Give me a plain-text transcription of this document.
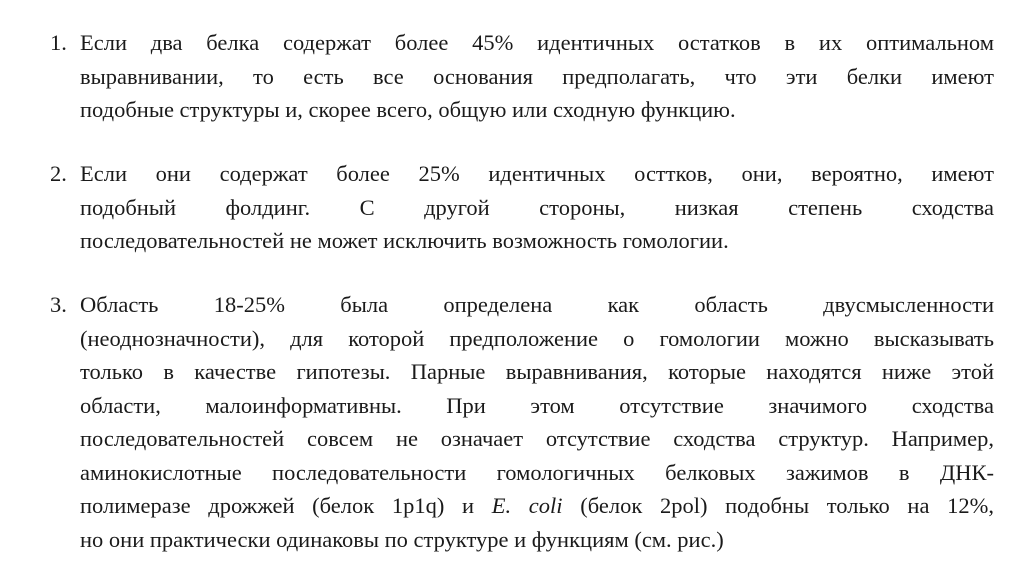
1. Если два белка содержат более 45% идентичных остатков в их оптимальном
выравнивании, то есть все основания предполагать, что эти белки имеют
подобные структуры и, скорее всего, общую или сходную функцию.
2. Если они содержат более 25% идентичных осттков, они, вероятно, имеют
подобный фолдинг. С другой стороны, низкая степень сходства
последовательностей не может исключить возможность гомологии.
3. Область 18-25% была определена как область двусмысленности
(неоднозначности), для которой предположение о гомологии можно высказывать
только в качестве гипотезы. Парные выравнивания, которые находятся ниже этой
области, малоинформативны. При этом отсутствие значимого сходства
последовательностей совсем не означает отсутствие сходства структур. Например,
аминокислотные последовательности гомологичных белковых зажимов в ДНК-
полимеразе дрожжей (белок 1p1q) и E. coli (белок 2pol) подобны только на 12%,
но они практически одинаковы по структуре и функциям (см. рис.)
